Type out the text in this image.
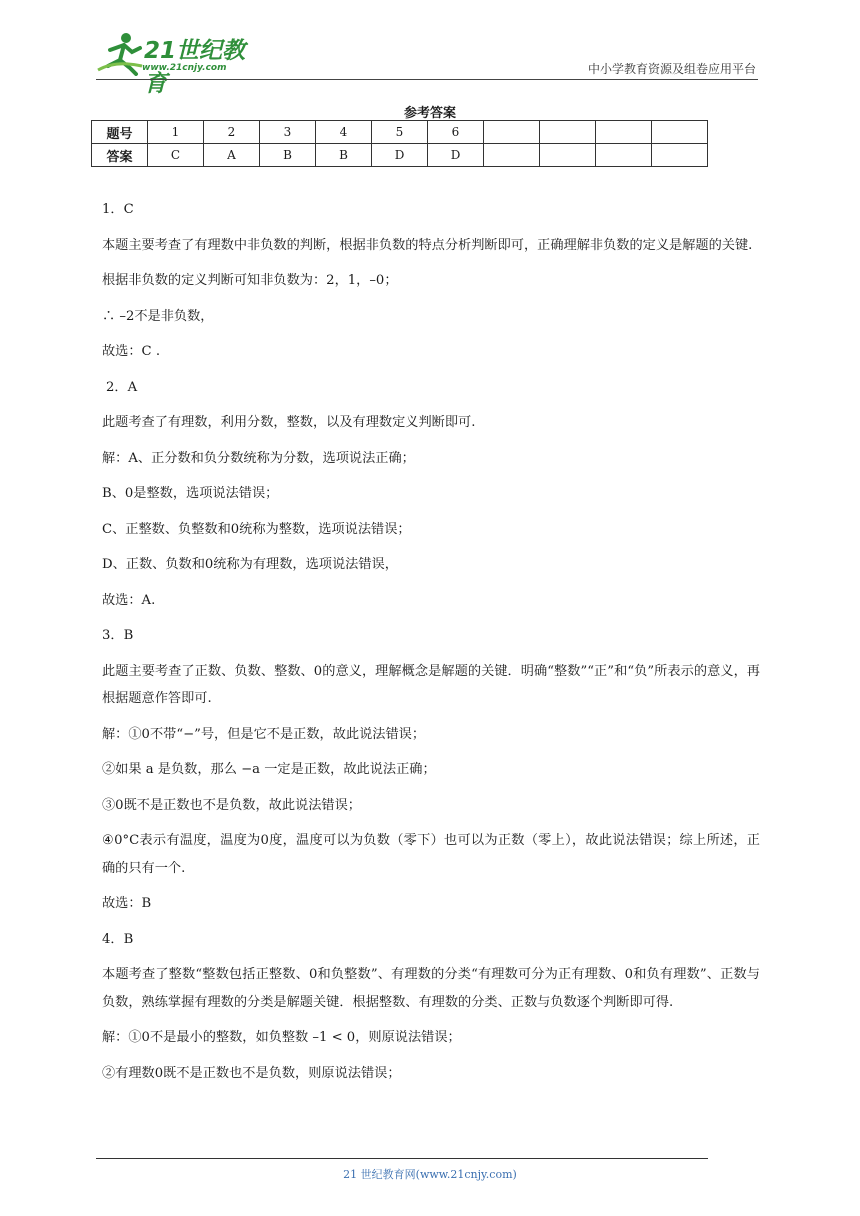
21世纪教育
www.21cnjy.com	中小学教育资源及组卷应用平台
参考答案
题号	1	2	3	4	5	6				
答案	C	A	B	B	D	D				

1．C

本题主要考查了有理数中非负数的判断，根据非负数的特点分析判断即可，正确理解非负数的定义是解题的关键.

根据非负数的定义判断可知非负数为：2，1，–0；

∴ –2不是非负数，

故选：C .

2．A

此题考查了有理数，利用分数，整数，以及有理数定义判断即可.

解：A、正分数和负分数统称为分数，选项说法正确；

B、0是整数，选项说法错误；

C、正整数、负整数和0统称为整数，选项说法错误；

D、正数、负数和0统称为有理数，选项说法错误，

故选：A.

3．B

此题主要考查了正数、负数、整数、0的意义，理解概念是解题的关键．明确“整数”“正”和“负”所表示的意义，再根据题意作答即可.

解：①0不带“−”号，但是它不是正数，故此说法错误；

②如果 a 是负数，那么 −a 一定是正数，故此说法正确；

③0既不是正数也不是负数，故此说法错误；

④0°C表示有温度，温度为0度，温度可以为负数（零下）也可以为正数（零上），故此说法错误；综上所述，正确的只有一个.

故选：B

4．B

本题考查了整数“整数包括正整数、0和负整数”、有理数的分类“有理数可分为正有理数、0和负有理数”、正数与负数，熟练掌握有理数的分类是解题关键．根据整数、有理数的分类、正数与负数逐个判断即可得.

解：①0不是最小的整数，如负整数 –1 < 0，则原说法错误；

②有理数0既不是正数也不是负数，则原说法错误；

21 世纪教育网(www.21cnjy.com)
